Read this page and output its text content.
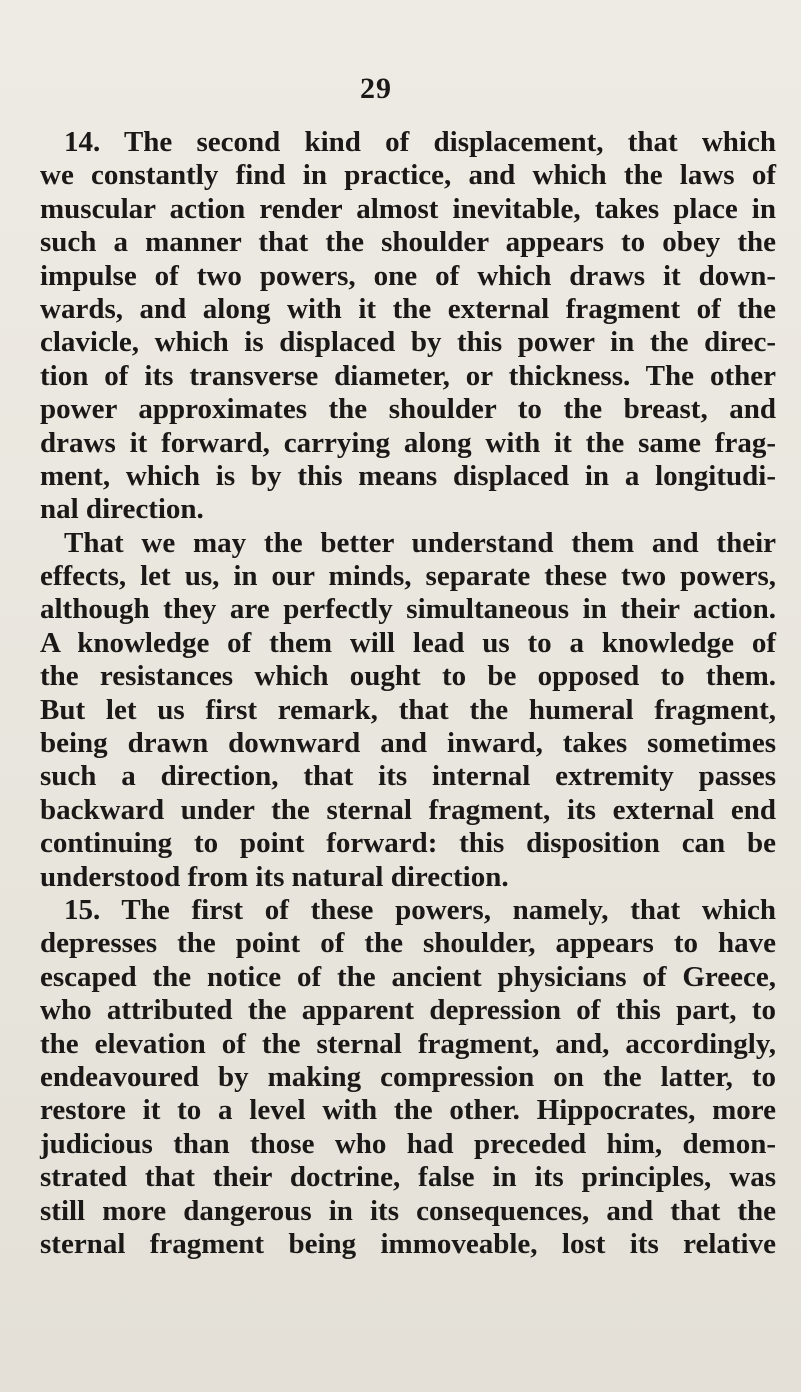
29
14. The second kind of displacement, that which
we constantly find in practice, and which the laws of
muscular action render almost inevitable, takes place in
such a manner that the shoulder appears to obey the
impulse of two powers, one of which draws it down-
wards, and along with it the external fragment of the
clavicle, which is displaced by this power in the direc-
tion of its transverse diameter, or thickness. The other
power approximates the shoulder to the breast, and
draws it forward, carrying along with it the same frag-
ment, which is by this means displaced in a longitudi-
nal direction.
That we may the better understand them and their
effects, let us, in our minds, separate these two powers,
although they are perfectly simultaneous in their action.
A knowledge of them will lead us to a knowledge of
the resistances which ought to be opposed to them.
But let us first remark, that the humeral fragment,
being drawn downward and inward, takes sometimes
such a direction, that its internal extremity passes
backward under the sternal fragment, its external end
continuing to point forward: this disposition can be
understood from its natural direction.
15. The first of these powers, namely, that which
depresses the point of the shoulder, appears to have
escaped the notice of the ancient physicians of Greece,
who attributed the apparent depression of this part, to
the elevation of the sternal fragment, and, accordingly,
endeavoured by making compression on the latter, to
restore it to a level with the other. Hippocrates, more
judicious than those who had preceded him, demon-
strated that their doctrine, false in its principles, was
still more dangerous in its consequences, and that the
sternal fragment being immoveable, lost its relative
